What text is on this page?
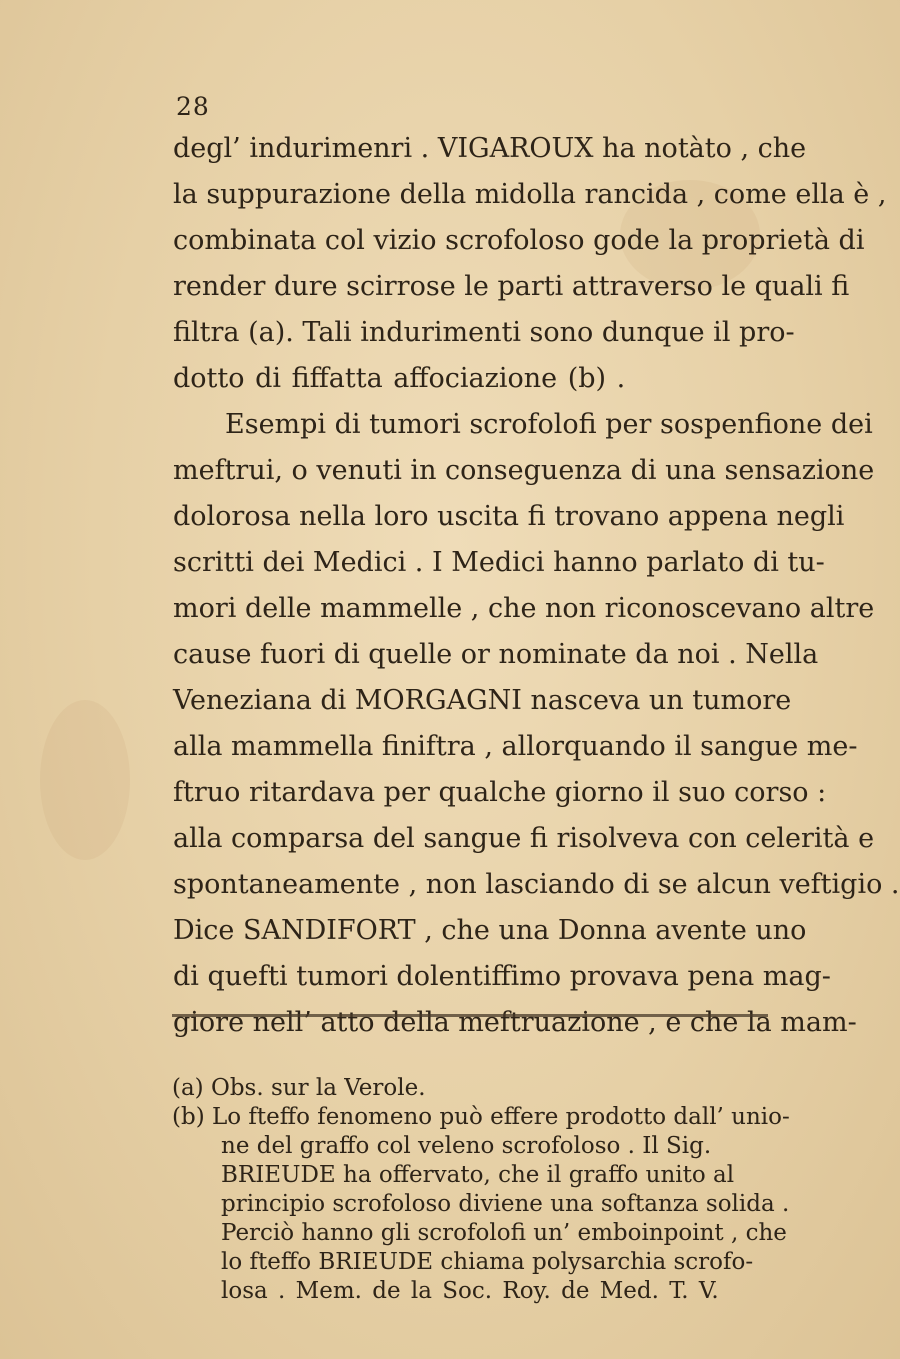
28
degl’ indurimenri . VIGAROUX ha notàto , che
la suppurazione della midolla rancida , come ella è ,
combinata col vizio scrofoloso gode la proprietà di
render dure scirrose le parti attraverso le quali fi
filtra (a). Tali indurimenti sono dunque il pro-
dotto di fiffatta affociazione (b) .
Esempi di tumori scrofolofi per sospenfione dei
meftrui, o venuti in conseguenza di una sensazione
dolorosa nella loro uscita fi trovano appena negli
scritti dei Medici . I Medici hanno parlato di tu-
mori delle mammelle , che non riconoscevano altre
cause fuori di quelle or nominate da noi . Nella
Veneziana di MORGAGNI nasceva un tumore
alla mammella finiftra , allorquando il sangue me-
ftruo ritardava per qualche giorno il suo corso :
alla comparsa del sangue fi risolveva con celerità e
spontaneamente , non lasciando di se alcun veftigio .
Dice SANDIFORT , che una Donna avente uno
di quefti tumori dolentiffimo provava pena mag-
giore nell’ atto della meftruazione , e che la mam-
(a) Obs. sur la Verole.
(b) Lo fteffo fenomeno può effere prodotto dall’ unio-
ne del graffo col veleno scrofoloso . Il Sig.
BRIEUDE ha offervato, che il graffo unito al
principio scrofoloso diviene una softanza solida .
Perciò hanno gli scrofolofi un’ emboinpoint , che
lo fteffo BRIEUDE chiama polysarchia scrofo-
losa . Mem. de la Soc. Roy. de Med. T. V.
